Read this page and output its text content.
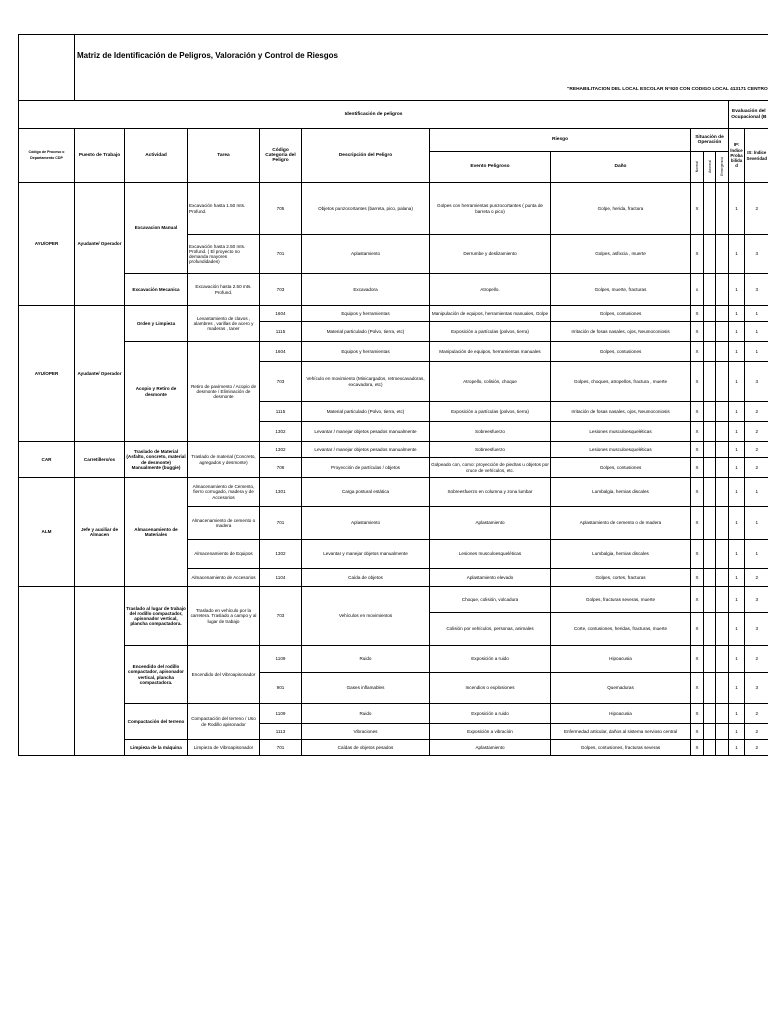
	Matriz de Identificación de Peligros, Valoración y Control de Riesgos												
	"REHABILITACION DEL LOCAL ESCOLAR N°920 CON CODIGO LOCAL 413171 CENTRO												
Identificación de peligros											Evaluación del Ocupacional (B		
Código de Proceso o Departamento CDP	Puesto de Trabajo	Actividad	Tarea	Código Categoría del Peligro	Descripción del Peligro	Riesgo		Situación de Operación			IP: Índice Probabilidad	IS: Índice Severidad	
						Evento Peligroso	Daño	Normal	Anormal	Emergencia			
AYU/OPER	Ayudante/ Operador	Excavacion Manual	Excavación hasta 1.50 mts. Profund.	705	Objetos punzocortantes (barreta, pico, palana)	Golpes con herramientas punzocortantes ( punta de barreta o pico)	Golpe, herida, fractura	X			1	2	
			Excavación hasta 2.50 mts. Profund. ( El proyecto no demanda mayores profundidades)	701	Aplastamiento	Derrumbe y deslizamiento	Golpes, asfixcia , muerte	X			1	3	
		Excavación Mecanica	Excavación hasta 2.50 mts. Profund.	703	Excavadora	Atropello.	Golpes, muerte, fracturas	x			1	3	
AYU/OPER	Ayudante/ Operador	Orden y Limpieza	Levantamiento de clavos , alambres , varillas de acero y maderas , taner	1604	Equipos y herramientas	Manipulación de equipos, herramientas manuales, Golpe	Golpes, contusiones	X			1	1	
				1115	Material particulado (Polvo, tierra, etc)	Exposición a partículas (polvos, tierra)	Irritación de fosas nasales, ojos, Neumoconiosis	X			1	1	
		Acopio y Retiro de desmonte	Retiro de pavimento / Acopio de desmonte / Eliminación de desmonte	1604	Equipos y herramientas	Manipulación de equipos, herramientas manuales	Golpes, contusiones	X			1	1	
				703	Vehículo en movimiento (Minicargados, retroexcavadoras, excavadora, etc)	Atropello, colisión, choque	Golpes, choques, atropellos, fractura , muerte	X			1	3	
				1115	Material particulado (Polvo, tierra, etc)	Exposición a partículas (polvos, tierra)	Irritación de fosas nasales, ojos, Neumoconiosis	X			1	2	
				1302	Levantar / manejar objetos pesados manualmente	Sobreesfuerzo	Lesiones musculoesqueléticas	X			1	2	
CAR	Carretillero/os	Traslado de Material (Asfalto, concreto, material de desmonte) Manualmente (buggie)	Traslado de material (Concreto, agregados y desmonte)	1302	Levantar / manejar objetos pesados manualmente	Sobreesfuerzo	Lesiones musculoesqueléticas	X			1	2	
				706	Proyección de partículas / objetos	Golpeado con, como: proyección de piedras u objetos por cruce de vehículos, etc.	Golpes, contusiones	X			1	2	
ALM	Jefe y auxiliar de Almacen	Almacenamiento de Materiales	Almacenamiento de Cemento, fierro corrugado, madera y de Accesorios	1301	Carga postural estática	Sobreesfuerzo en columna y zona lumbar	Lumbalgia, hernias discales	X			1	1	
			Almacenamiento de cemento o madera	701	Aplastamiento	Aplastamiento	Aplastamiento de cemento o de madera	X			1	1	
			Almacenamiento de Equipos	1302	Levantar y manejar objetos manualmente	Lesiones musculoesqueléticas	Lumbalgia, hernias discales	X			1	1	
			Almacenamiento de Accesorios	1104	Caída de objetos	Aplastamiento elevado	Golpes, cortes, fracturas	X			1	2	
		Traslado al lugar de trabajo del rodillo compactador, apisonador vertical, plancha compactadora.	Traslado en vehículo por la carretera. Traslado a campo y al lugar de trabajo	703	Vehículos en movimientos	Choque, colisión, volcadura	Golpes, fracturas severas, muerte	X			1	3	
						Colisión por vehículos, personas, animales	Corte, contusiones, heridas, fracturas, muerte	X			1	3	
		Encendido del rodillo compactador, apisonador vertical, plancha compactadora.	Encendido del Vibroapisonador	1109	Ruido	Exposición a ruido	Hipoacusia	X			1	2	
				901	Gases inflamables	Incendios o explosiones	Quemaduras	X			1	3	
		Compactación del terreno	Compactación del terreno / Uso de Rodillo apisonador	1109	Ruido	Exposición a ruido	Hipoacusia	X			1	2	
				1113	Vibraciones	Exposición a vibración	Enfermedad articular, daños al sistema nervioso central	X			1	2	
		Limpieza de la máquina	Limpieza de Vibroapisonador	701	Caídas de objetos pesados	Aplastamiento	Golpes, contusiones, fracturas severas	X			1	2	
